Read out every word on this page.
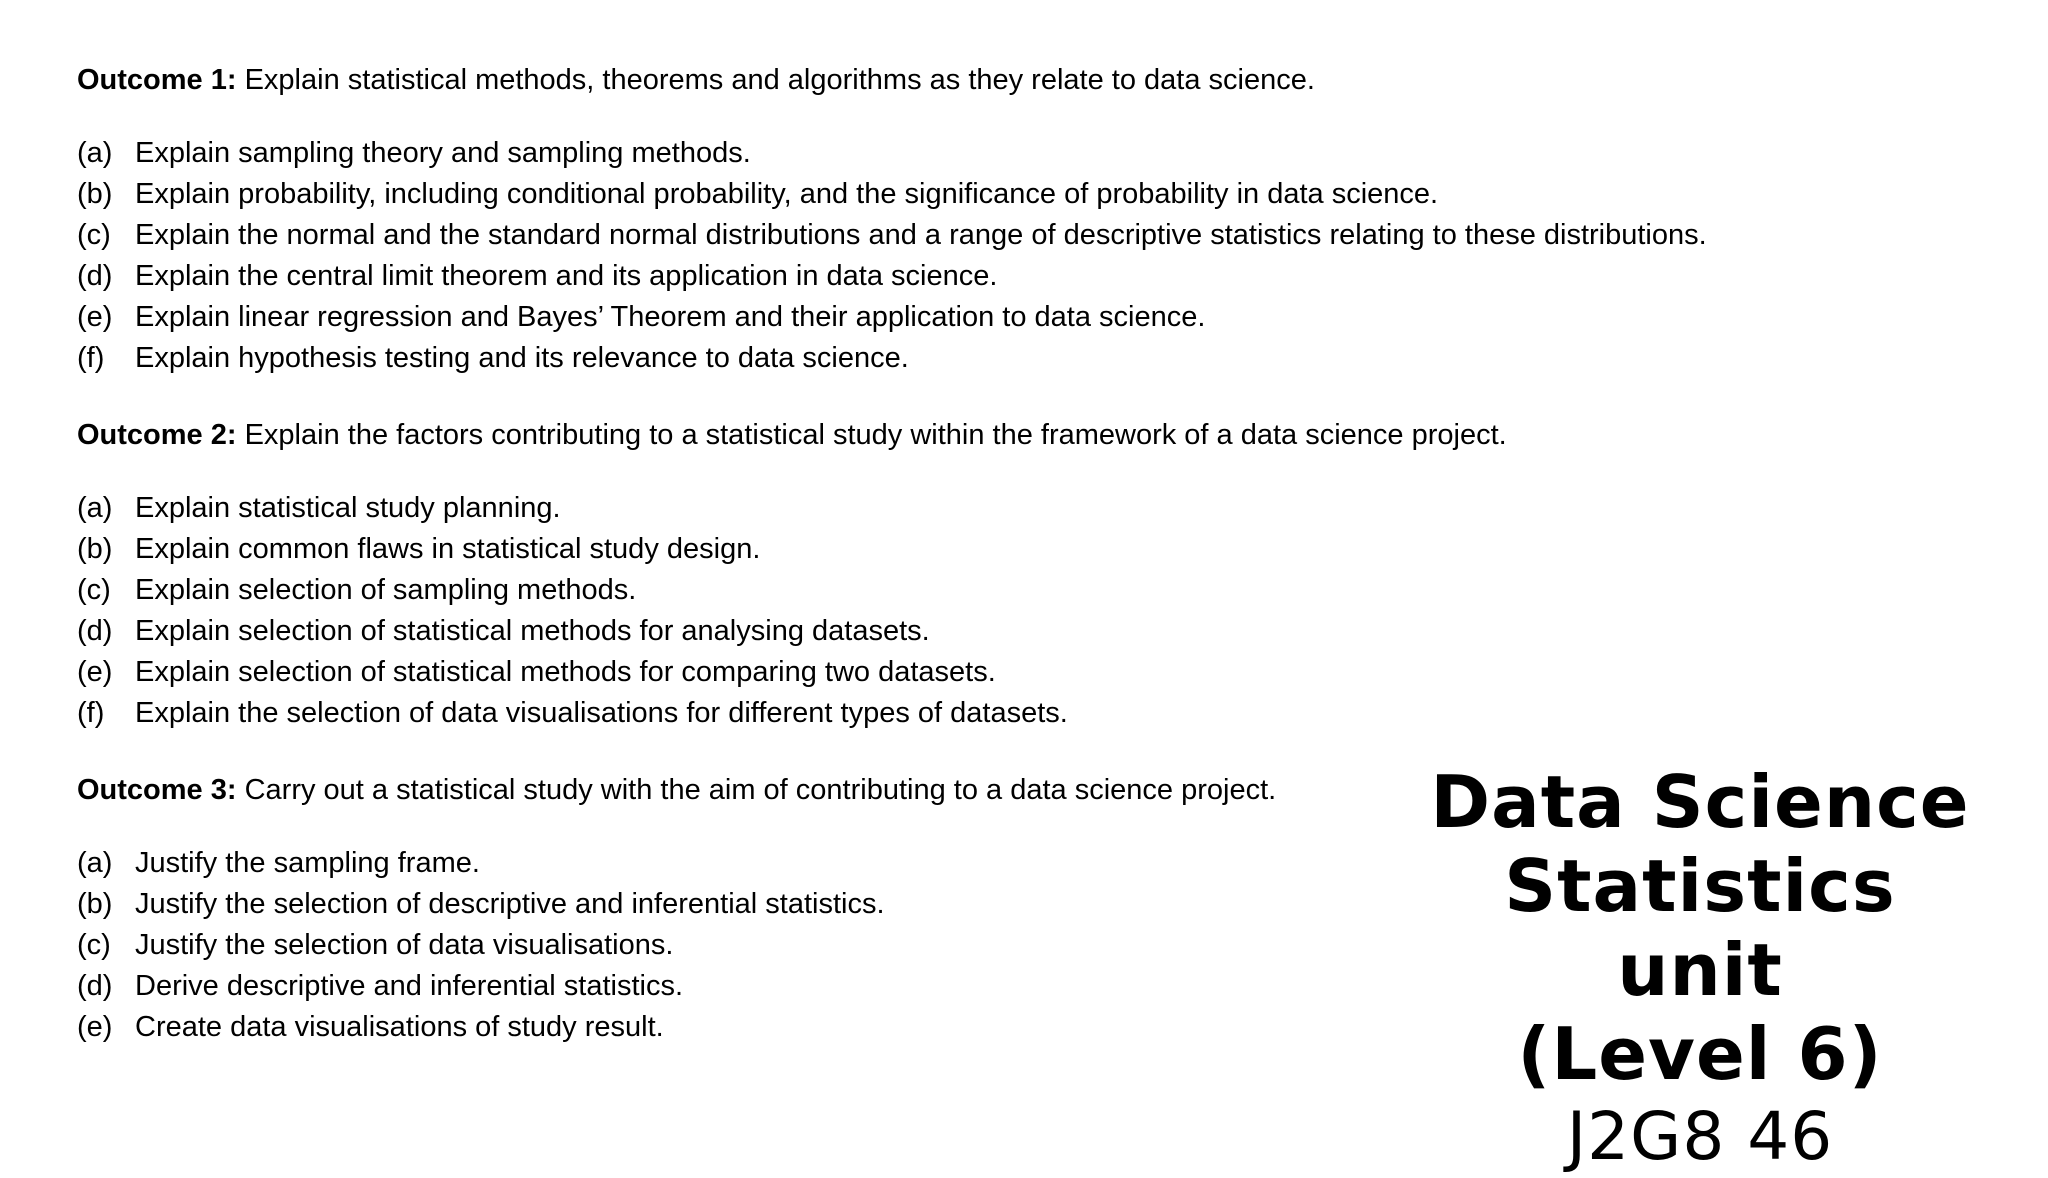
Outcome 1: Explain statistical methods, theorems and algorithms as they relate to data science.

(a) Explain sampling theory and sampling methods.
(b) Explain probability, including conditional probability, and the significance of probability in data science.
(c) Explain the normal and the standard normal distributions and a range of descriptive statistics relating to these distributions.
(d) Explain the central limit theorem and its application in data science.
(e) Explain linear regression and Bayes’ Theorem and their application to data science.
(f)	Explain hypothesis testing and its relevance to data science.

Outcome 2: Explain the factors contributing to a statistical study within the framework of a data science project.

(a) Explain statistical study planning.
(b) Explain common flaws in statistical study design.
(c) Explain selection of sampling methods.
(d) Explain selection of statistical methods for analysing datasets.
(e) Explain selection of statistical methods for comparing two datasets.
(f)	Explain the selection of data visualisations for different types of datasets.

Outcome 3: Carry out a statistical study with the aim of contributing to a data science project.

(a) Justify the sampling frame.
(b) Justify the selection of descriptive and inferential statistics.
(c) Justify the selection of data visualisations.
(d) Derive descriptive and inferential statistics.
(e) Create data visualisations of study result.
Data Science
Statistics unit
(Level 6)
J2G8 46
